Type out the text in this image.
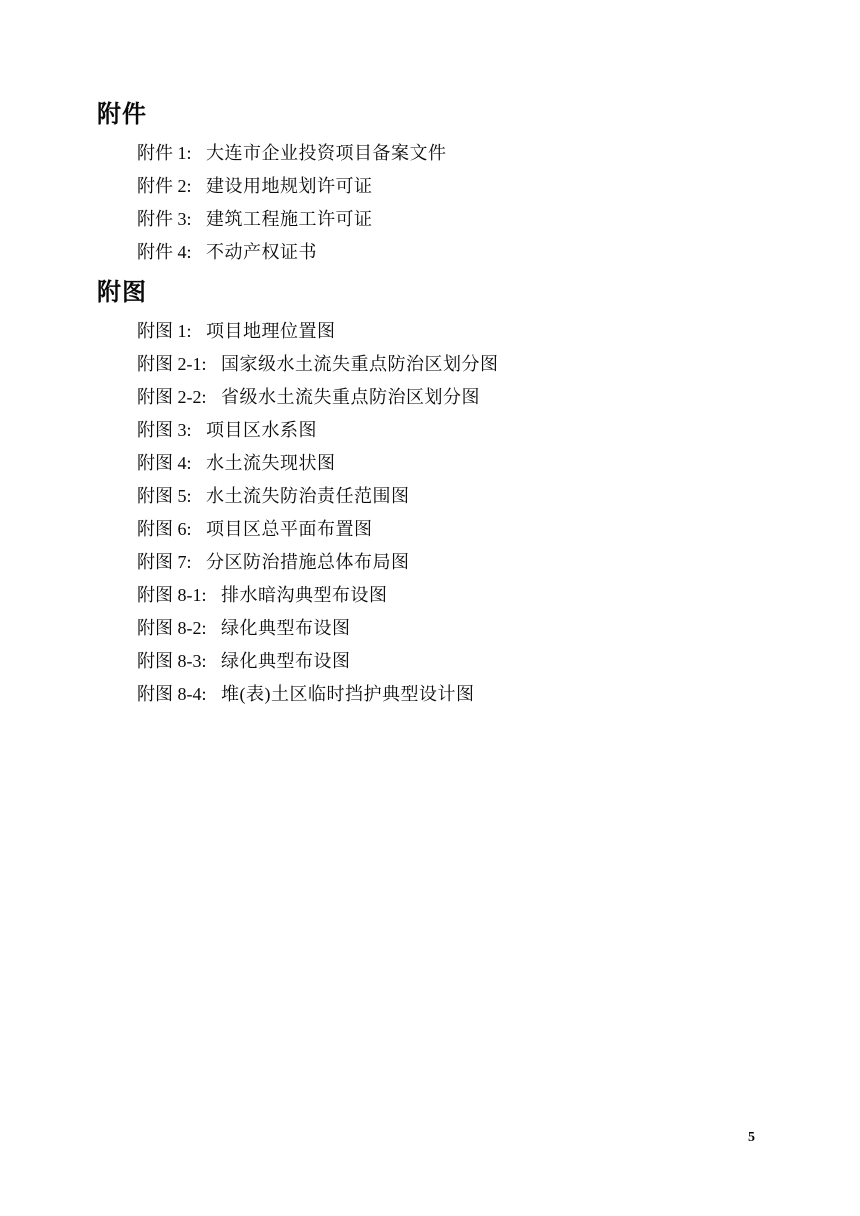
附件
附件 1: 大连市企业投资项目备案文件
附件 2: 建设用地规划许可证
附件 3: 建筑工程施工许可证
附件 4: 不动产权证书
附图
附图 1: 项目地理位置图
附图 2-1: 国家级水土流失重点防治区划分图
附图 2-2: 省级水土流失重点防治区划分图
附图 3: 项目区水系图
附图 4: 水土流失现状图
附图 5: 水土流失防治责任范围图
附图 6: 项目区总平面布置图
附图 7: 分区防治措施总体布局图
附图 8-1: 排水暗沟典型布设图
附图 8-2: 绿化典型布设图
附图 8-3: 绿化典型布设图
附图 8-4: 堆(表)土区临时挡护典型设计图
5
